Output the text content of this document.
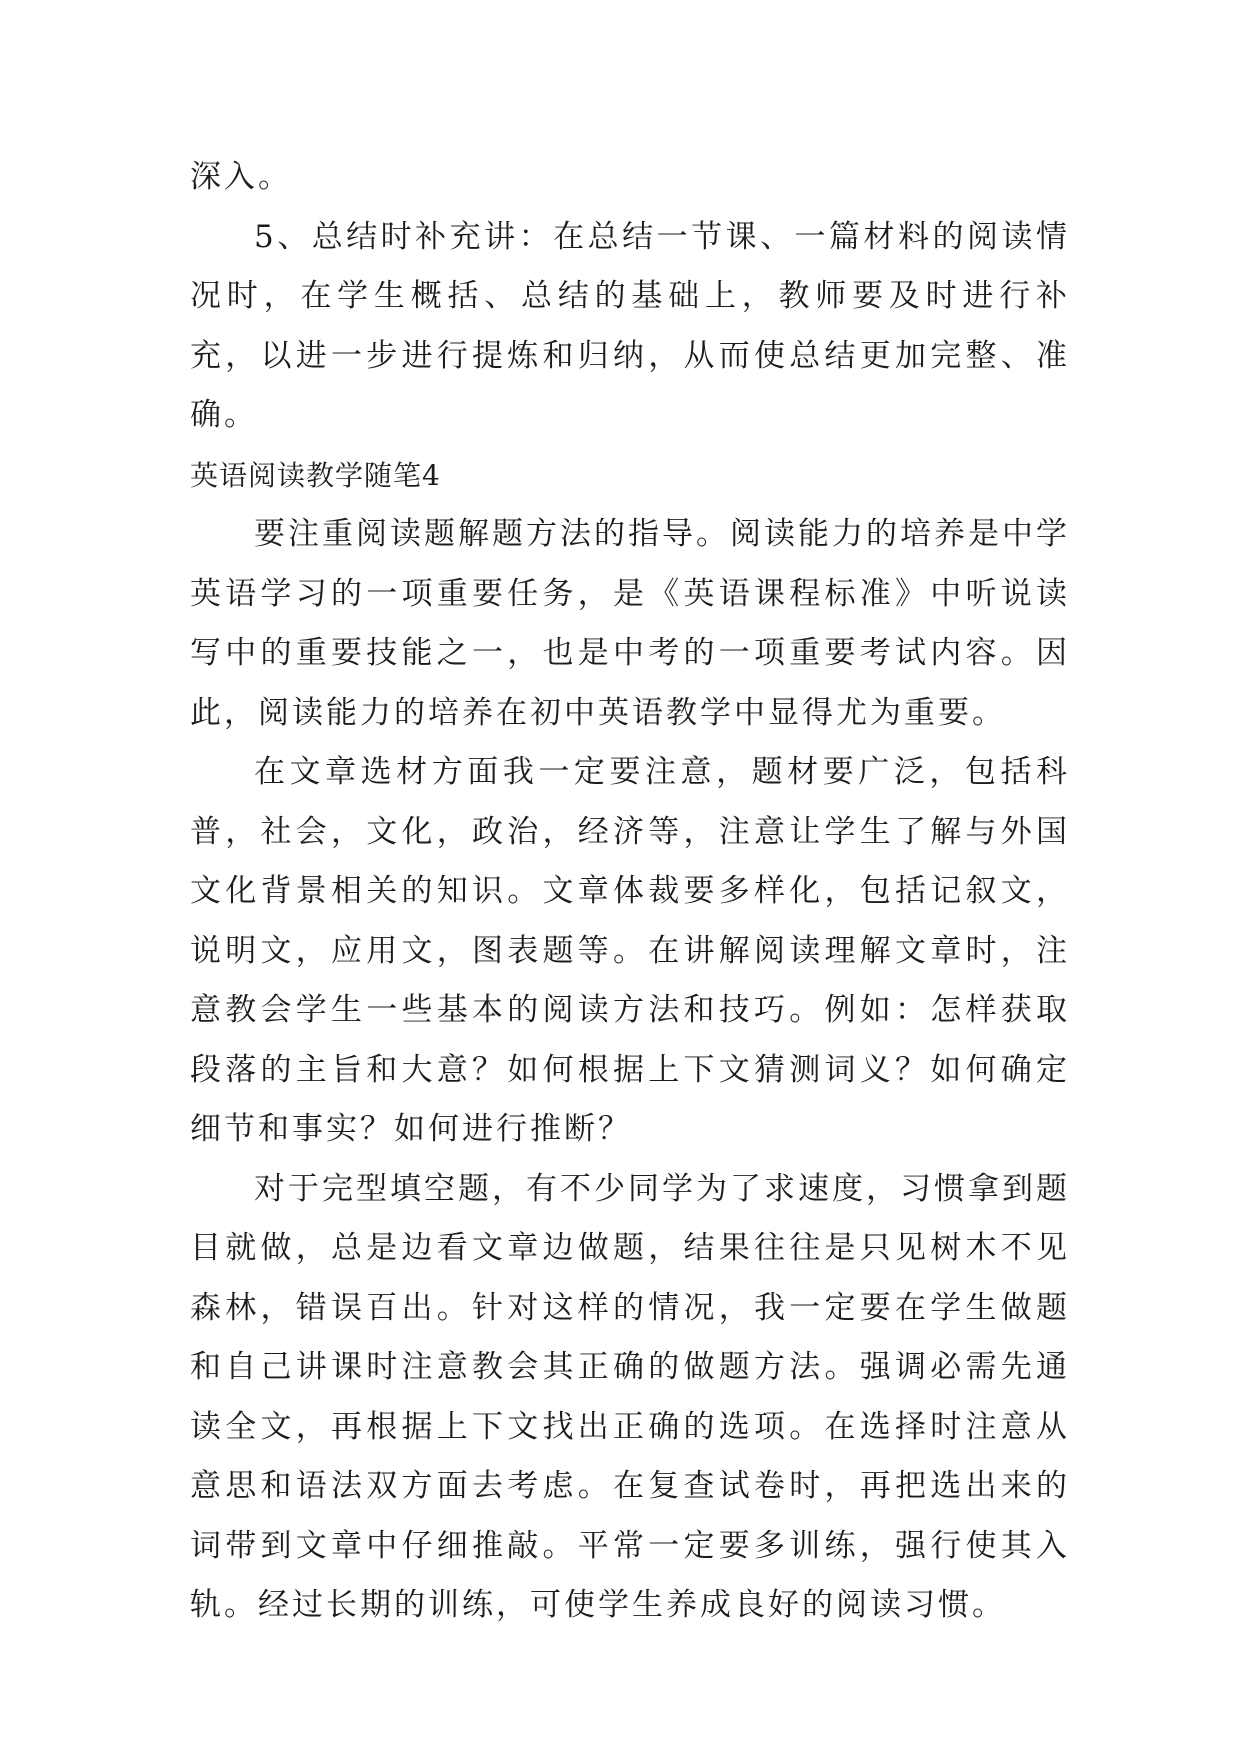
深入。

5、总结时补充讲：在总结一节课、一篇材料的阅读情况时，在学生概括、总结的基础上，教师要及时进行补充，以进一步进行提炼和归纳，从而使总结更加完整、准确。

英语阅读教学随笔4

要注重阅读题解题方法的指导。阅读能力的培养是中学英语学习的一项重要任务，是《英语课程标准》中听说读写中的重要技能之一，也是中考的一项重要考试内容。因此，阅读能力的培养在初中英语教学中显得尤为重要。

在文章选材方面我一定要注意，题材要广泛，包括科普，社会，文化，政治，经济等，注意让学生了解与外国文化背景相关的知识。文章体裁要多样化，包括记叙文，说明文，应用文，图表题等。在讲解阅读理解文章时，注意教会学生一些基本的阅读方法和技巧。例如：怎样获取段落的主旨和大意？如何根据上下文猜测词义？如何确定细节和事实？如何进行推断？

对于完型填空题，有不少同学为了求速度，习惯拿到题目就做，总是边看文章边做题，结果往往是只见树木不见森林，错误百出。针对这样的情况，我一定要在学生做题和自己讲课时注意教会其正确的做题方法。强调必需先通读全文，再根据上下文找出正确的选项。在选择时注意从意思和语法双方面去考虑。在复查试卷时，再把选出来的词带到文章中仔细推敲。平常一定要多训练，强行使其入轨。经过长期的训练，可使学生养成良好的阅读习惯。
